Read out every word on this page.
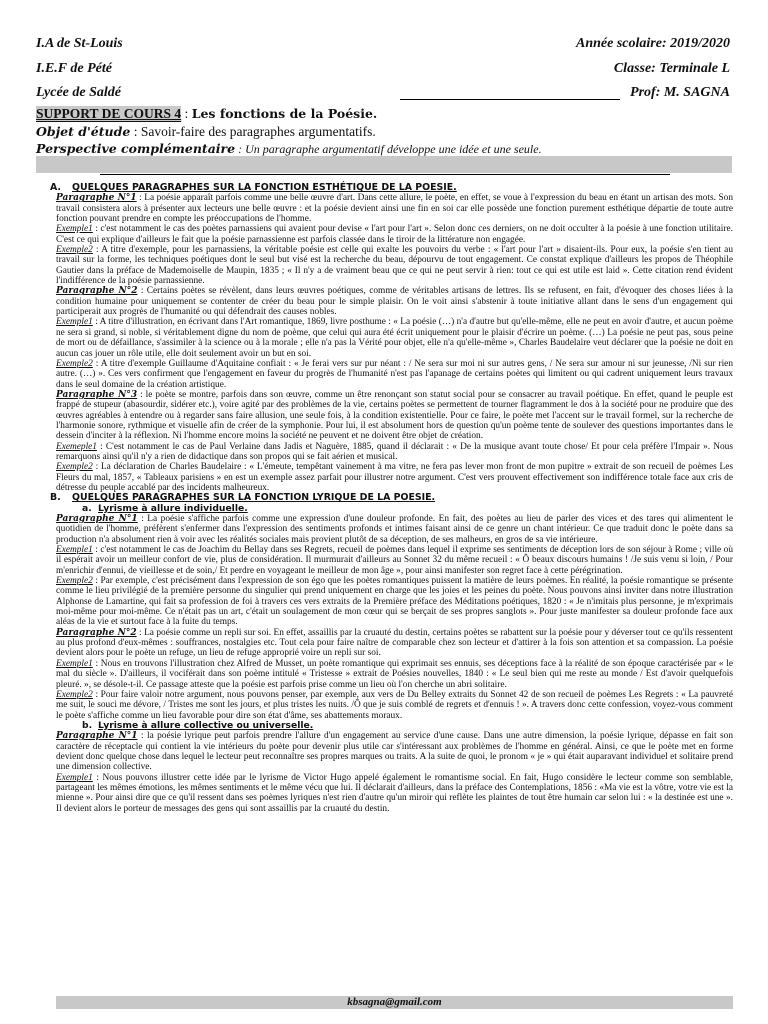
I.A de St-Louis
I.E.F de Pété
Lycée de Saldé
Année scolaire: 2019/2020
Classe: Terminale L
Prof: M. SAGNA
SUPPORT DE COURS 4 : Les fonctions de la Poésie.
Objet d'étude : Savoir-faire des paragraphes argumentatifs.
Perspective complémentaire : Un paragraphe argumentatif développe une idée et une seule.

A. QUELQUES PARAGRAPHES SUR LA FONCTION ESTHÉTIQUE DE LA POESIE.

Paragraphe N°1 : La poésie apparaît parfois comme une belle œuvre d'art. Dans cette allure, le poète, en effet, se voue à l'expression du beau en étant un artisan des mots. Son travail consistera alors à présenter aux lecteurs une belle œuvre : et la poésie devient ainsi une fin en soi car elle possède une fonction purement esthétique départie de toute autre fonction pouvant prendre en compte les préoccupations de l'homme.

Exemple1 : c'est notamment le cas des poètes parnassiens qui avaient pour devise « l'art pour l'art ». Selon donc ces derniers, on ne doit occulter à la poésie à une fonction utilitaire. C'est ce qui explique d'ailleurs le fait que la poésie parnassienne est parfois classée dans le tiroir de la littérature non engagée.

Exemple2 : A titre d'exemple, pour les parnassiens, la véritable poésie est celle qui exalte les pouvoirs du verbe : « l'art pour l'art » disaient-ils. Pour eux, la poésie s'en tient au travail sur la forme, les techniques poétiques dont le seul but visé est la recherche du beau, dépourvu de tout engagement. Ce constat explique d'ailleurs les propos de Théophile Gautier dans la préface de Mademoiselle de Maupin, 1835 ; « Il n'y a de vraiment beau que ce qui ne peut servir à rien: tout ce qui est utile est laid ». Cette citation rend évident l'indifférence de la poésie parnassienne.

Paragraphe N°2 : Certains poètes se révèlent, dans leurs œuvres poétiques, comme de véritables artisans de lettres. Ils se refusent, en fait, d'évoquer des choses liées à la condition humaine pour uniquement se contenter de créer du beau pour le simple plaisir. On le voit ainsi s'abstenir à toute initiative allant dans le sens d'un engagement qui participerait aux progrès de l'humanité ou qui défendrait des causes nobles.

Exemple1 : A titre d'illustration, en écrivant dans l'Art romantique, 1869, livre posthume : « La poésie (…) n'a d'autre but qu'elle-même, elle ne peut en avoir d'autre, et aucun poème ne sera si grand, si noble, si véritablement digne du nom de poème, que celui qui aura été écrit uniquement pour le plaisir d'écrire un poème. (…) La poésie ne peut pas, sous peine de mort ou de défaillance, s'assimiler à la science ou à la morale ; elle n'a pas la Vérité pour objet, elle n'a qu'elle-même », Charles Baudelaire veut déclarer que la poésie ne doit en aucun cas jouer un rôle utile, elle doit seulement avoir un but en soi.

Exemple2 : A titre d'exemple Guillaume d'Aquitaine confiait : « Je ferai vers sur pur néant : / Ne sera sur moi ni sur autres gens, / Ne sera sur amour ni sur jeunesse, /Ni sur rien autre. (…) ». Ces vers confirment que l'engagement en faveur du progrès de l'humanité n'est pas l'apanage de certains poètes qui limitent ou qui cadrent uniquement leurs travaux dans le seul domaine de la création artistique.

Paragraphe N°3 : le poète se montre, parfois dans son œuvre, comme un être renonçant son statut social pour se consacrer au travail poétique. En effet, quand le peuple est frappé de stupeur (abasourdir, sidérer etc.), voire agité par des problèmes de la vie, certains poètes se permettent de tourner flagramment le dos à la société pour ne produire que des œuvres agréables à entendre ou à regarder sans faire allusion, une seule fois, à la condition existentielle. Pour ce faire, le poète met l'accent sur le travail formel, sur la recherche de l'harmonie sonore, rythmique et visuelle afin de créer de la symphonie. Pour lui, il est absolument hors de question qu'un poème tente de soulever des questions importantes dans le dessein d'inciter à la réflexion. Ni l'homme encore moins la société ne peuvent et ne doivent être objet de création.

Exemeple1 : C'est notamment le cas de Paul Verlaine dans Jadis et Naguère, 1885, quand il déclarait : « De la musique avant toute chose/ Et pour cela préfère l'Impair ». Nous remarquons ainsi qu'il n'y a rien de didactique dans son propos qui se fait aérien et musical.

Exemple2 : La déclaration de Charles Baudelaire : « L'émeute, tempêtant vainement à ma vitre, ne fera pas lever mon front de mon pupitre » extrait de son recueil de poèmes Les Fleurs du mal, 1857, « Tableaux parisiens » en est un exemple assez parfait pour illustrer notre argument. C'est vers prouvent effectivement son indifférence totale face aux cris de détresse du peuple accablé par des incidents malheureux.

B. QUELQUES PARAGRAPHES SUR LA FONCTION LYRIQUE DE LA POESIE.

a. Lyrisme à allure individuelle.

Paragraphe N°1 : La poésie s'affiche parfois comme une expression d'une douleur profonde. En fait, des poètes au lieu de parler des vices et des tares qui alimentent le quotidien de l'homme, préfèrent s'enfermer dans l'expression des sentiments profonds et intimes faisant ainsi de ce genre un chant intérieur. Ce que traduit donc le poète dans sa production n'a absolument rien à voir avec les réalités sociales mais provient plutôt de sa déception, de ses malheurs, en gros de sa vie intérieure.

Exemple1 : c'est notamment le cas de Joachim du Bellay dans ses Regrets, recueil de poèmes dans lequel il exprime ses sentiments de déception lors de son séjour à Rome ; ville où il espérait avoir un meilleur confort de vie, plus de considération. Il murmurait d'ailleurs au Sonnet 32 du même recueil : « Ô beaux discours humains ! /Je suis venu si loin, / Pour m'enrichir d'ennui, de vieillesse et de soin,/ Et perdre en voyageant le meilleur de mon âge », pour ainsi manifester son regret face à cette pérégrination.

Exemple2 : Par exemple, c'est précisément dans l'expression de son égo que les poètes romantiques puissent la matière de leurs poèmes. En réalité, la poésie romantique se présente comme le lieu privilégié de la première personne du singulier qui prend uniquement en charge que les joies et les peines du poète. Nous pouvons ainsi inviter dans notre illustration Alphonse de Lamartine, qui fait sa profession de foi à travers ces vers extraits de la Première préface des Méditations poétiques, 1820 : « Je n'imitais plus personne, je m'exprimais moi-même pour moi-même. Ce n'était pas un art, c'était un soulagement de mon cœur qui se berçait de ses propres sanglots ». Pour juste manifester sa douleur profonde face aux aléas de la vie et surtout face à la fuite du temps.

Paragraphe N°2 : La poésie comme un repli sur soi. En effet, assaillis par la cruauté du destin, certains poètes se rabattent sur la poésie pour y déverser tout ce qu'ils ressentent au plus profond d'eux-mêmes : souffrances, nostalgies etc. Tout cela pour faire naître de comparable chez son lecteur et d'attirer à la fois son attention et sa compassion. La poésie devient alors pour le poète un refuge, un lieu de refuge approprié voire un repli sur soi.

Exemple1 : Nous en trouvons l'illustration chez Alfred de Musset, un poète romantique qui exprimait ses ennuis, ses déceptions face à la réalité de son époque caractérisée par « le mal du siècle ». D'ailleurs, il vociférait dans son poème intitulé « Tristesse » extrait de Poésies nouvelles, 1840 : « Le seul bien qui me reste au monde / Est d'avoir quelquefois pleuré. », se désole-t-il. Ce passage atteste que la poésie est parfois prise comme un lieu où l'on cherche un abri solitaire.

Exemple2 : Pour faire valoir notre argument, nous pouvons penser, par exemple, aux vers de Du Belley extraits du Sonnet 42 de son recueil de poèmes Les Regrets : « La pauvreté me suit, le souci me dévore, / Tristes me sont les jours, et plus tristes les nuits. /Ô que je suis comblé de regrets et d'ennuis ! ». A travers donc cette confession, voyez-vous comment le poète s'affiche comme un lieu favorable pour dire son état d'âme, ses abattements moraux.

b. Lyrisme à allure collective ou universelle.

Paragraphe N°1 : la poésie lyrique peut parfois prendre l'allure d'un engagement au service d'une cause. Dans une autre dimension, la poésie lyrique, dépasse en fait son caractère de réceptacle qui contient la vie intérieurs du poète pour devenir plus utile car s'intéressant aux problèmes de l'homme en général. Ainsi, ce que le poète met en forme devient donc quelque chose dans lequel le lecteur peut reconnaître ses propres marques ou traits. A la suite de quoi, le pronom « je » qui était auparavant individuel et solitaire prend une dimension collective.

Exemple1 : Nous pouvons illustrer cette idée par le lyrisme de Victor Hugo appelé également le romantisme social. En fait, Hugo considère le lecteur comme son semblable, partageant les mêmes émotions, les mêmes sentiments et le même vécu que lui. Il déclarait d'ailleurs, dans la préface des Contemplations, 1856 : «Ma vie est la vôtre, votre vie est la mienne ». Pour ainsi dire que ce qu'il ressent dans ses poèmes lyriques n'est rien d'autre qu'un miroir qui reflète les plaintes de tout être humain car selon lui : « la destinée est une ». Il devient alors le porteur de messages des gens qui sont assaillis par la cruauté du destin.

kbsagna@gmail.com
